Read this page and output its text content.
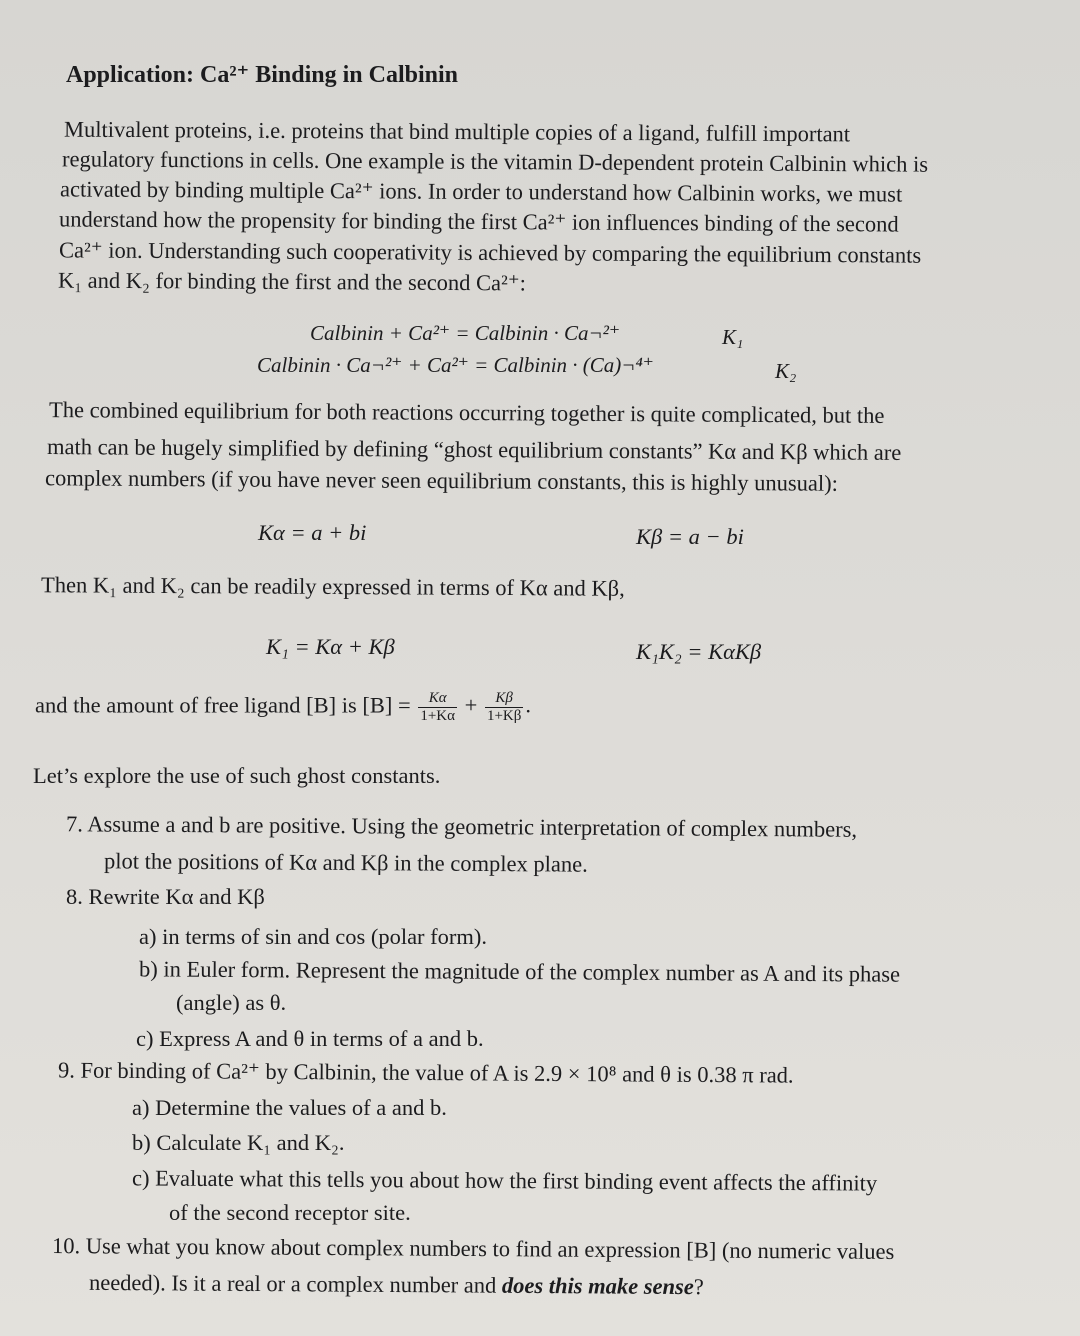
Application: Ca²⁺ Binding in Calbinin
Multivalent proteins, i.e. proteins that bind multiple copies of a ligand, fulfill important
regulatory functions in cells. One example is the vitamin D-dependent protein Calbinin which is
activated by binding multiple Ca²⁺ ions. In order to understand how Calbinin works, we must
understand how the propensity for binding the first Ca²⁺ ion influences binding of the second
Ca²⁺ ion. Understanding such cooperativity is achieved by comparing the equilibrium constants
K₁ and K₂ for binding the first and the second Ca²⁺:
Calbinin + Ca²⁺ = Calbinin · Ca¬²⁺	K₁
Calbinin · Ca¬²⁺ + Ca²⁺ = Calbinin · (Ca)¬⁴⁺	K₂
The combined equilibrium for both reactions occurring together is quite complicated, but the
math can be hugely simplified by defining “ghost equilibrium constants” Kα and Kβ which are
complex numbers (if you have never seen equilibrium constants, this is highly unusual):
Kα = a + bi	Kβ = a − bi
Then K₁ and K₂ can be readily expressed in terms of Kα and Kβ,
K₁ = Kα + Kβ	K₁K₂ = KαKβ
and the amount of free ligand [B] is $[B] = \frac{K\alpha}{1+K\alpha} + \frac{K\beta}{1+K\beta}$ .
Let’s explore the use of such ghost constants.
7. Assume a and b are positive. Using the geometric interpretation of complex numbers,
plot the positions of Kα and Kβ in the complex plane.
8. Rewrite Kα and Kβ
a) in terms of sin and cos (polar form).
b) in Euler form. Represent the magnitude of the complex number as A and its phase
(angle) as θ.
c) Express A and θ in terms of a and b.
9. For binding of Ca²⁺ by Calbinin, the value of A is 2.9 × 10⁸ and θ is 0.38 π rad.
a) Determine the values of a and b.
b) Calculate K₁ and K₂.
c) Evaluate what this tells you about how the first binding event affects the affinity
of the second receptor site.
10. Use what you know about complex numbers to find an expression [B] (no numeric values
needed). Is it a real or a complex number and does this make sense?
